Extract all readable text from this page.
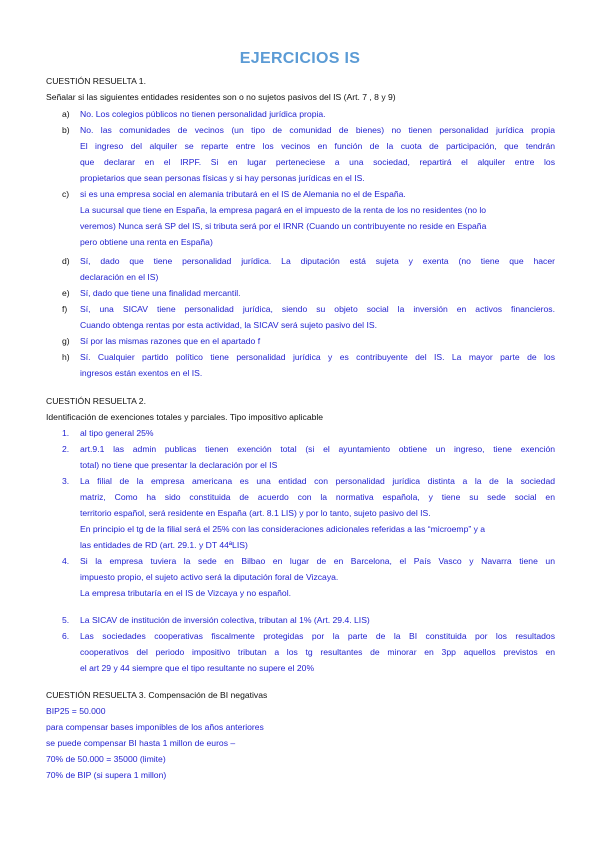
EJERCICIOS IS
CUESTIÓN RESUELTA 1.
Señalar si las siguientes entidades residentes son o no sujetos pasivos del IS (Art. 7 , 8 y 9)
a)	No. Los colegios públicos no tienen personalidad jurídica propia.
b)	No. las comunidades de vecinos (un tipo de comunidad de bienes) no tienen personalidad jurídica propia
El ingreso del alquiler se reparte entre los vecinos en función de la cuota de participación, que tendrán
que declarar en el IRPF. Si en lugar perteneciese a una sociedad, repartirá el alquiler entre los
propietarios que sean personas físicas y si hay personas jurídicas en el IS.
c)	si es una empresa social en alemania tributará en el IS de Alemania no el de España.
La sucursal que tiene en España, la empresa pagará en el impuesto de la renta de los no residentes (no lo
veremos) Nunca será SP del IS, si tributa será por el IRNR (Cuando un contribuyente no reside en España
pero obtiene una renta en España)
d)	Sí, dado que tiene personalidad jurídica. La diputación está sujeta y exenta (no tiene que hacer
declaración en el IS)
e)	Sí, dado que tiene una finalidad mercantil.
f)	Sí, una SICAV tiene personalidad jurídica, siendo su objeto social la inversión en activos financieros.
Cuando obtenga rentas por esta actividad, la SICAV será sujeto pasivo del IS.
g)	Sí por las mismas razones que en el apartado f
h)	Sí. Cualquier partido político tiene personalidad jurídica y es contribuyente del IS. La mayor parte de los
ingresos están exentos en el IS.
CUESTIÓN RESUELTA 2.
Identificación de exenciones totales y parciales. Tipo impositivo aplicable
1.	al tipo general 25%
2.	art.9.1 las admin publicas tienen exención total (si el ayuntamiento obtiene un ingreso, tiene exención
total) no tiene que presentar la declaración por el IS
3.	La filial de la empresa americana es una entidad con personalidad jurídica distinta a la de la sociedad
matriz, Como ha sido constituida de acuerdo con la normativa española, y tiene su sede social en
territorio español, será residente en España (art. 8.1 LIS) y por lo tanto, sujeto pasivo del IS.
En principio el tg de la filial será el 25% con las consideraciones adicionales referidas a las “microemp” y a
las entidades de RD (art. 29.1. y DT 44ªLIS)
4.	Si la empresa tuviera la sede en Bilbao en lugar de en Barcelona, el País Vasco y Navarra tiene un
impuesto propio, el sujeto activo será la diputación foral de Vizcaya.
La empresa tributaría en el IS de Vizcaya y no español.
5.	La SICAV de institución de inversión colectiva, tributan al 1% (Art. 29.4. LIS)
6.	Las sociedades cooperativas fiscalmente protegidas por la parte de la BI constituida por los resultados
cooperativos del periodo impositivo tributan a los tg resultantes de minorar en 3pp aquellos previstos en
el art 29 y 44 siempre que el tipo resultante no supere el 20%
CUESTIÓN RESUELTA 3. Compensación de BI negativas
BIP25 = 50.000
para compensar bases imponibles de los años anteriores
se puede compensar BI hasta 1 millon de euros –
70% de 50.000 = 35000 (limite)
70% de BIP (si supera 1 millon)
